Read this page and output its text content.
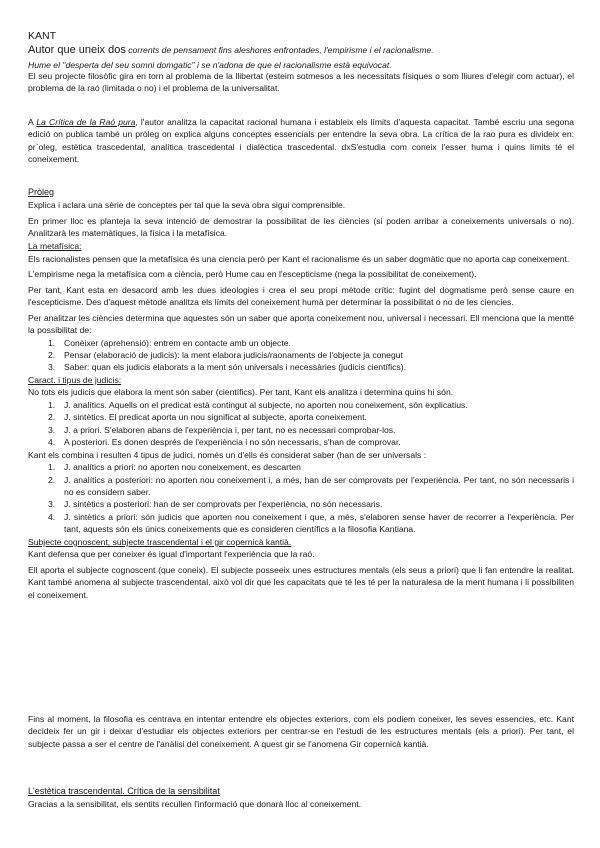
KANT
Autor que uneix dos corrents de pensament fins aleshores enfrontades, l'empirisme i el racionalisme.
Hume el "desperta del seu somni domgatic" i se n'adona de que el racionalisme està equivocat.

El seu projecte filosòfic gira en torn al problema de la llibertat (esteim sotmesos a les necessitats físiques o som lliures d'elegir com actuar), el problema de la raó (limitada o no) i el problema de la universalitat.

A La Crítica de la Raó pura, l'autor analitza la capacitat racional humana i estableix els límits d'aquesta capacitat. També escriu una segona edició on publica també un pròleg on explica alguns conceptes essencials per entendre la seva obra. La crítica de la rao pura es divideix en: pr`oleg, estètica trascedental, analítica trascedental i dialèctica trascedental. dxS'estudia com coneix l'esser huma i quins límits té el coneixement.

Pròleg

Explica i aclara una sèrie de conceptes per tal que la seva obra sigui comprensible.

En primer lloc es planteja la seva intenció de demostrar la possibilitat de les ciències (si poden arribar a coneixements universals o no). Analitzarà les matemàtiques, la física i la metafísica.

La metafísica:

Els racionalistes pensen que la metafísica és una ciencia però per Kant el racionalisme és un saber dogmàtic que no aporta cap coneixement.

L'empirisme nega la metafísica com a ciència, però Hume cau en l'escepticisme (nega la possibilitat de coneixement).

Per tant, Kant esta en desacord amb les dues ideologies i crea el seu propi mètode crític: fugint del dogmatisme però sense caure en l'escepticisme. Des d'aquest mètode analitza els límits del coneixement humà per determinar la possibilitat o no de les ciencies.

Per analitzar les ciències determina que aquestes són un saber que aporta coneixement nou, universal i necessari. Ell menciona que la mentté la possibilitat de:

1. Conèixer (aprehensió): entrem en contacte amb un objecte.
2. Pensar (elaboració de judicis): la ment elabora judicis/raonaments de l'objecte ja conegut
3. Saber: quan els judicis elaborats a la ment són universals i necessàries (judicis científics).
Caract. i tipus de judicis:

No tots els judicis que elabora la ment són saber (científics). Per tant, Kant els analitza i determina quins hi són.

1. J. analítics. Aquells on el predicat està contingut al subjecte, no aporten nou coneixement, són explicatius.
2. J. sintètics. El predicat aporta un nou significat al subjecte, aporta coneixement.
3. J. a priori. S'elaboren abans de l'experiència i, per tant, no es necessari comprobar-los.
4. A posteriori. Es donen després de l'experiència i no són necessaris, s'han de comprovar.

Kant els combina i resulten 4 tipus de judici, només un d'ells és considerat saber (han de ser universals :

1. J. analítics a priori: no aporten nou coneixement, es descarten
2. J. analítics a posteriori: no aporten nou coneixement i, a més, han de ser comprovats per l'experiència. Per tant, no són necessaris i no es considern saber.
3. J. sintètics a posteriori: han de ser comprovats per l'experiència, no són necessaris.
4. J. sintètics a priori: són judicis que aporten nou coneixement i que, a més, s'elaboren sense haver de recorrer a l'experiència. Per tant, aquests són els únics coneixements que es consideren científics a la filosofia Kantiana.
Subjecte cognoscent, subjecte trascendental i el gir copernicà kantià.

Kant defensa que per coneixer és igual d'important l'experiència que la raó.

Ell aporta el subjecte cognoscent (que coneix). El subjecte posseeix unes estructures mentals (els seus a priori) que li fan entendre la realitat. Kant també anomena al subjecte trascendental, això vol dir que les capacitats que té les té per la naturalesa de la ment humana i li possibiliten el coneixement.

Fins al moment, la filosofia es centrava en intentar entendre els objectes exteriors, com els podiem coneixer, les seves essencies, etc. Kant decideix fer un gir i deixar d'estudiar els objectes exteriors per centrar-se en l'estudi de les estructures mentals (els a priori). Per tant, el subjecte passa a ser el centre de l'anàlisi del coneixement. A quest gir se l'anomena Gir copernicà kantià.

L'estètica trascendental. Crítica de la sensibilitat

Gracias a la sensibilitat, els sentits recullen l'informació que donarà lloc al coneixement.
